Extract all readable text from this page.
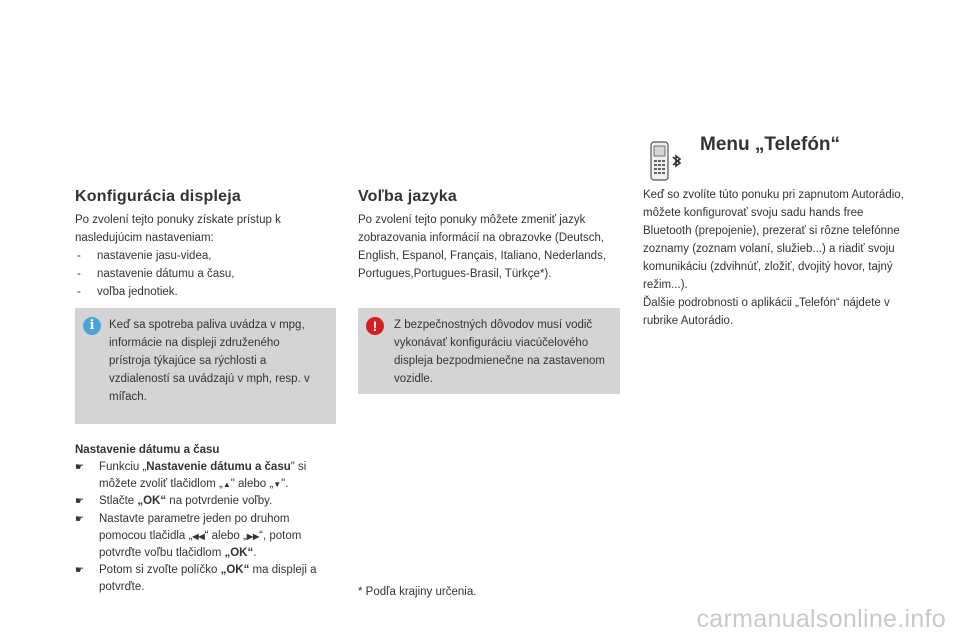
Menu „Telefón“

Keď so zvolíte túto ponuku pri zapnutom Autorádio, môžete konfigurovať svoju sadu hands free Bluetooth (prepojenie), prezerať si rôzne telefónne zoznamy (zoznam volaní, služieb...) a riadiť svoju komunikáciu (zdvihnúť, zložiť, dvojitý hovor, tajný režim...).

Ďalšie podrobnosti o aplikácii „Telefón“ nájdete v rubrike Autorádio.

Konfigurácia displeja

Po zvolení tejto ponuky získate prístup k nasledujúcim nastaveniam:

- nastavenie jasu-videa,
- nastavenie dátumu a času,
- voľba jednotiek.
i	Keď sa spotreba paliva uvádza v mpg, informácie na displeji združeného prístroja týkajúce sa rýchlosti a vzdialeností sa uvádzajú v mph, resp. v míľach.
Voľba jazyka

Po zvolení tejto ponuky môžete zmeniť jazyk zobrazovania informácií na obrazovke (Deutsch, English, Espanol, Français, Italiano, Nederlands, Portugues,Portugues-Brasil, Türkçe*).

!	Z bezpečnostných dôvodov musí vodič vykonávať konfiguráciu viacúčelového displeja bezpodmienečne na zastavenom vozidle.
* Podľa krajiny určenia.
Nastavenie dátumu a času
☛ Funkciu „Nastavenie dátumu a času" si môžete zvoliť tlačidlom „▲" alebo „▼".
☛ Stlačte „OK“ na potvrdenie voľby.
☛ Nastavte parametre jeden po druhom pomocou tlačidla „◀◀“ alebo „▶▶“, potom potvrďte voľbu tlačidlom „OK“.
☛ Potom si zvoľte políčko „OK“ ma displeji a potvrďte.
carmanualsonline.info
